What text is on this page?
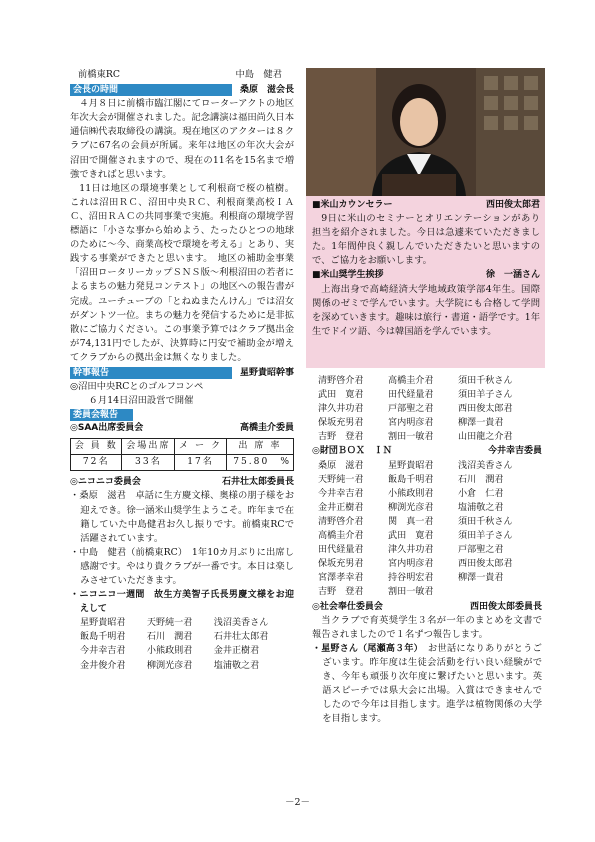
前橋東RC	中島　健君
会長の時間	桑原　滋会長

４月８日に前橋市臨江閣にてローターアクトの地区年次大会が開催されました。記念講演は福田尚久日本通信㈱代表取締役の講演。現在地区のアクターは８クラブに67名の会員が所属。来年は地区の年次大会が沼田で開催されますので、現在の11名を15名まで増強できればと思います。

11日は地区の環境事業として利根商で桜の植樹。これは沼田ＲＣ、沼田中央ＲＣ、利根商業高校ＩＡＣ、沼田ＲＡＣの共同事業で実施。利根商の環境学習標語に「小さな事から始めよう、たったひとつの地球のために～今、商業高校で環境を考える」とあり、実践する事業ができたと思います。　地区の補助金事業「沼田ロータリーカップＳＮＳ版～利根沼田の若者によるまちの魅力発見コンテスト」の地区への報告書が完成。ユーチューブの「とねぬまたんけん」では沼女がダントツ一位。まちの魅力を発信するために是非拡散にご協力ください。この事業予算ではクラブ拠出金が74,131円でしたが、決算時に円安で補助金が増えてクラブからの拠出金は無くなりました。

幹事報告	星野貴昭幹事
◎沼田中央RCとのゴルフコンペ
６月14日沼田設営で開催
委員会報告
◎SAA出席委員会	高橋圭介委員
会 員 数	会場出席	メ ー ク	出 席 率
72名	33名	17名	75.80　%
◎ニコニコ委員会	石井壮太郎委員長
・桑原　滋君　卓話に生方慶文様、奥様の朋子様をお迎えでき。徐一涵米山奨学生ようこそ。昨年まで在籍していた中島健君お久し振りです。前橋東RCで活躍されています。
・中島　健君（前橋東RC）　1年10カ月ぶりに出席し感謝です。やはり貴クラブが一番です。本日は楽しみさせていただきます。
・ニコニコ一週間　故生方美智子氏長男慶文様をお迎えして
星野貴昭君	天野純一君	浅沼美香さん
飯島千明君	石川　潤君	石井壮太郎君
今井幸吉君	小熊政則君	金井正樹君
金井俊介君	柳渕光彦君	塩浦敬之君
■米山カウンセラー	西田俊太郎君

9日に米山のセミナーとオリエンテーションがあり担当を紹介されました。今日は急遽来ていただきました。1年間仲良く親しんでいただきたいと思いますので、ご協力をお願いします。

■米山奨学生挨拶	徐　一涵さん

上海出身で高崎経済大学地域政策学部4年生。国際関係のゼミで学んでいます。大学院にも合格して学問を深めていきます。趣味は旅行・書道・語学です。1年生でドイツ語、今は韓国語を学んでいます。

清野啓介君	高橋圭介君	須田千秋さん
武田　寛君	田代経量君	須田羊子さん
津久井功君	戸部聖之君	西田俊太郎君
保坂充男君	宮内明彦君	柳澤一貴君
吉野　登君	割田一敏君	山田龍之介君
◎財団ＢＯＸ　ＩＮ	今井幸吉委員
桑原　滋君	星野貴昭君	浅沼美香さん
天野純一君	飯島千明君	石川　潤君
今井幸吉君	小熊政則君	小倉　仁君
金井正樹君	柳渕光彦君	塩浦敬之君
清野啓介君	関　真一君	須田千秋さん
高橋圭介君	武田　寛君	須田羊子さん
田代経量君	津久井功君	戸部聖之君
保坂充男君	宮内明彦君	西田俊太郎君
宮澤孝幸君	持谷明宏君	柳澤一貴君
吉野　登君	割田一敏君	
◎社会奉仕委員会	西田俊太郎委員長

当クラブで育英奨学生３名が一年のまとめを文書で報告されましたので１名ずつ報告します。

・星野さん（尾瀬高３年）　 お世話になりありがとうございます。昨年度は生徒会活動を行い良い経験ができ、今年も頑張り次年度に繋げたいと思います。英語スピーチでは県大会に出場。入賞はできませんでしたので今年は目指します。進学は植物関係の大学を目指します。
－2－
